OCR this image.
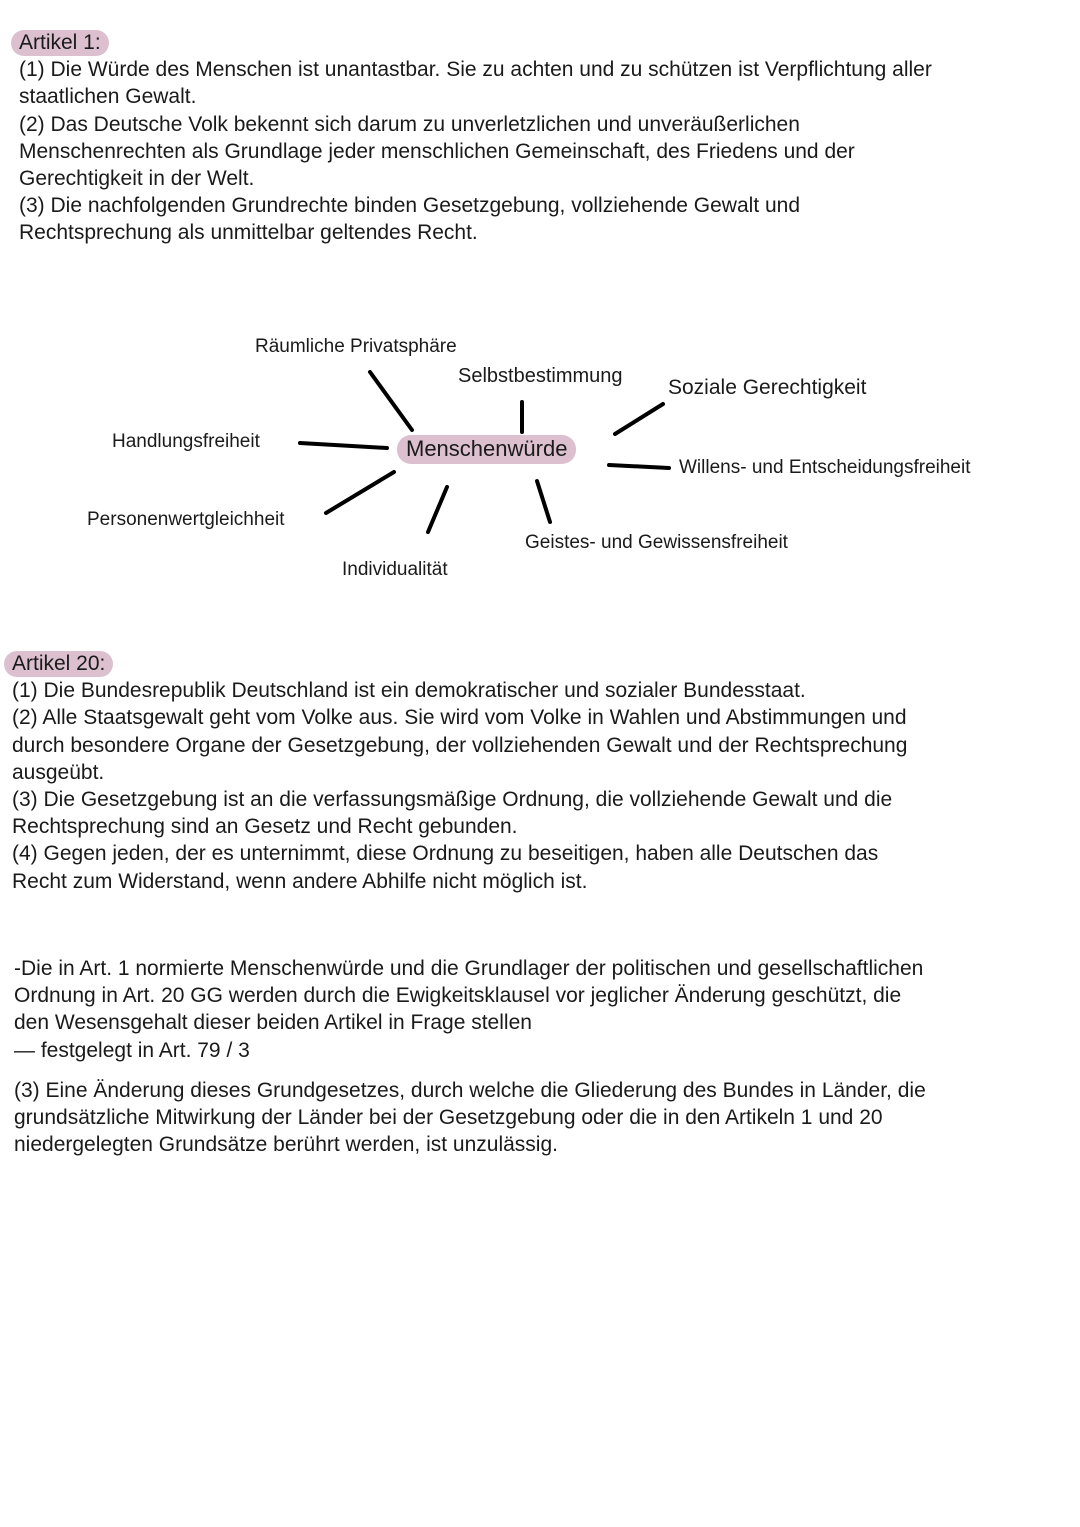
Artikel 1:
(1) Die Würde des Menschen ist unantastbar. Sie zu achten und zu schützen ist Verpflichtung aller
staatlichen Gewalt.
(2) Das Deutsche Volk bekennt sich darum zu unverletzlichen und unveräußerlichen
Menschenrechten als Grundlage jeder menschlichen Gemeinschaft, des Friedens und der
Gerechtigkeit in der Welt.
(3) Die nachfolgenden Grundrechte binden Gesetzgebung, vollziehende Gewalt und
Rechtsprechung als unmittelbar geltendes Recht.
Menschenwürde
Räumliche Privatsphäre
Selbstbestimmung Soziale Gerechtigkeit
Handlungsfreiheit
Willens- und Entscheidungsfreiheit
Personenwertgleichheit
Geistes- und Gewissensfreiheit
Individualität
Artikel 20:
(1) Die Bundesrepublik Deutschland ist ein demokratischer und sozialer Bundesstaat.
(2) Alle Staatsgewalt geht vom Volke aus. Sie wird vom Volke in Wahlen und Abstimmungen und
durch besondere Organe der Gesetzgebung, der vollziehenden Gewalt und der Rechtsprechung
ausgeübt.
(3) Die Gesetzgebung ist an die verfassungsmäßige Ordnung, die vollziehende Gewalt und die
Rechtsprechung sind an Gesetz und Recht gebunden.
(4) Gegen jeden, der es unternimmt, diese Ordnung zu beseitigen, haben alle Deutschen das
Recht zum Widerstand, wenn andere Abhilfe nicht möglich ist.
-Die in Art. 1 normierte Menschenwürde und die Grundlager der politischen und gesellschaftlichen
Ordnung in Art. 20 GG werden durch die Ewigkeitsklausel vor jeglicher Änderung geschützt, die
den Wesensgehalt dieser beiden Artikel in Frage stellen
— festgelegt in Art. 79 / 3
(3) Eine Änderung dieses Grundgesetzes, durch welche die Gliederung des Bundes in Länder, die
grundsätzliche Mitwirkung der Länder bei der Gesetzgebung oder die in den Artikeln 1 und 20
niedergelegten Grundsätze berührt werden, ist unzulässig.
